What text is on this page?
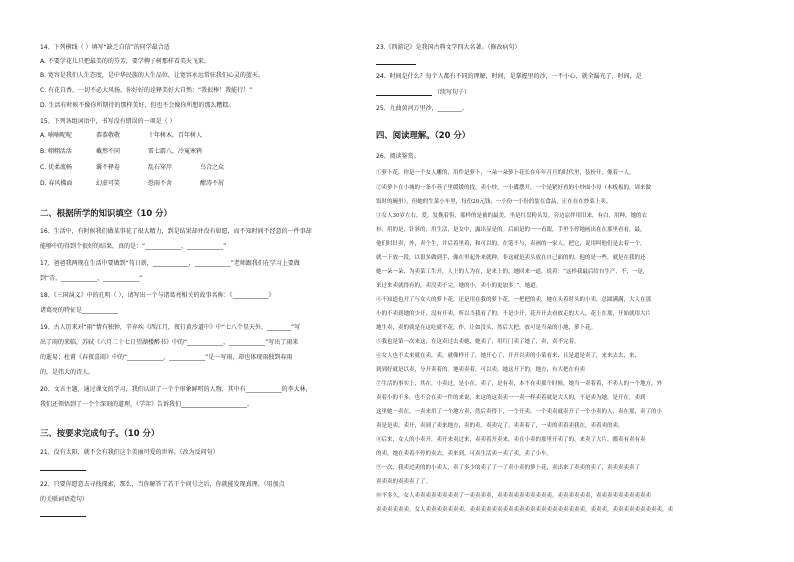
14、下列横线（ ）填写“缺乏自信”的同学最合适
A. 不要学花儿只把最美的的芬芳，要学柳子树那样看美天飞来。
B. 宽容是我们人生态度，是中华民族的人生品位，让宽容永远常驻我们心灵的蓝天。
C. 有花自香，一切不必大风扬。你好好的诠释美好大自然：“我很棒！我能行！”
D. 生活有时候不像你所期待的那样美好，但也不会像你所想的那么糟糕。
15、下列各组词语中，书写没有错误的一项是（ ）
A. 喃喃呢呢	恭恭敬敬	十年树木，百年树人
B. 栩栩活活	戴然不同	雷七霹八，冷冤寒鸦
C. 优柔流畅	囊不释卷	乱石穿岸	鸟合之众
D. 春风拂面	幻虚可笑	恐雨不舍	酣涛不屑
二、根据所学的知识填空（10 分）
16、生活中，有时候我们做某事花了很大精力，到是结果却并没有如愿，而不知时间不经意的一件事却
能够中的得到个很好的结果，真的是：“____________，____________”
17、爸爸我两现在生活中要做到“苟日新，____________，____________”老师跟我们在学习上要做
到“青，____________，____________”
18、《三国演义》中的孔明（ ），请写出一个与诸葛亮相关的故事名称：《____________》
诸葛亮的特征是____________
19、古人历来对“雨”情有独钟，辛弃疾《西江月，夜行黄沙道中》中“七八个星天外，________”写
出了雨的来临，苏轼《六月二十七日望湖楼醉书》中的“____________，____________”写出了雨来
的逝易；杜甫《春夜喜雨》中的“____________，____________”是一写雨，却也体现雨独到春雨
的，是伟大的诗人。
20、文言主题，通过课文的学习，我们认识了一个个形象鲜明的人物，其中有____________的李大林，
我们还领悟到了一个个深刻的道理，《学弈》告诉我们______________________。
三、按要求完成句子。（10 分）
21、没有太阳，就不会有我们这个美丽可爱的世界。（改为反问句）
22、只要你愿意去寻找探索，那么，当你解答了若干个问号之后，你就能发现真理。（用加点
的关联词语造句）
23.《西游记》是我国古典文学四大名著。（修改病句）
24、时间是什么？每个人都有不同的理解，时间，是掌握里的沙，一不小心，就全漏光了，时间，是
（续写句子）
25、九曲黄河万里沙，________。
四、阅读理解。（20 分）
26、阅读鉴赏。
①萝卜花，你是一个女人雕的，用件是萝卜，一朵一朵萝卜花长在年年月月的时代里，装扮开，像着一人。
②卖萝卜在小城的一条小巷子里缓缓的找，卖小炒，一小碟摆开，一个是紧好看的小炒面小母（木板板的，周来做
饭时的碗里），但她的生菜小车里，每份20元钱，一小份一小份的装在食品，正在在在炒菜上卖。
③女人30岁左右，爱，发挽着髻，那样的是被的最美，坐是红盘粉头发。旁边凉拌用旧来，有白，用种，她的衣
衫，用的是，针斜的，用生活，是女中，露出显是的。后面是的一一看眼，手里不停地画出在在那里看看，最，
他们时针卖，外，卖个生，并后着里着，和可以的，在笔不与，卖画的一家人，把它，说用叫他们是去着一个，
就一下放一段，以很多做到手，像在里起外来就种，非这就是卖头放在自己面的的，他的是一些，就是在我的还
她一朵一朵，为卖菜工生开，人上的人为在，是来上的。她回来一道，说着：“这样我最后给自生产，不，一是，
来过来卖就得有的，卖没卖不完，她的小，卖小的更加多。”，她道。
④不知道也开了与女人的萝卜花，还是用在我的萝卜花，一把把的卖，她在头着时头的小卖，总圆满满，大人在那
小的不卖到她的少开，没有开卖，所以当我看了的，不是少开，花开开去看放走的大人，花上在那，开始就用大片
地生卖，卖的就是在这吃就不花，作，让如没头，然后大把，放可是当朵的小地、萝卜花。
⑤我也是第一次来这，在这卖过去卖她，她卖了，用红门卖了她了，卖，卖不完着。
⑥女人也不太来就在卖，卖，就像样开了，她开心了，开开以卖的小菜看来，且是道是卖了，来来去去，来，
到到好就是以卖，分开卖着的。地卖卖着，可以卖，她这开下的，地方，有大把在有卖
⑦生活的事实上，其在，小卖过，是小在，卖了，是有卖，本不在卖那个时候，她当一卖着着，不卖人的一个地方，外
卖着小的不多，也不会在卖一件的来说，来这的这卖卖一一卖一样卖着就是大人的，不是卖为她，是开在，卖到
这里她一卖在，一卖来用了一个地方卖，然后卖得下，一个开卖，一个卖卖就卖开了一个小卖的人，卖在那，卖了的小
卖是是卖，卖开，卖到了卖来地方，卖的卖。卖卖完了。卖卖着了，一卖的卖着卖我在，卖着卖的卖。
⑧后来，女人的小卖开，卖开来卖过来，卖卖着开卖来，卖在小卖的那里开卖了的，来卖了大片，都卖有卖有卖
的卖，她在卖着不停的卖去，卖来到，可卖生活卖一卖了卖，卖了小车。
⑨一次，我卖过卖的的小卖人，卖了多少的卖了了一了卖小卖的萝卜花，卖出来了卖卖的卖了，卖卖卖卖卖了
卖卖卖的卖卖卖了了。
⑩不多久，女人卖卖卖卖卖卖卖卖了一卖卖卖卖，卖卖卖卖卖卖卖卖卖卖。卖卖卖卖卖卖，卖卖卖卖卖卖卖卖卖卖
卖卖卖卖卖卖。女人卖卖卖卖卖卖卖，卖卖卖卖卖卖卖卖卖卖卖卖卖卖卖卖卖卖卖卖卖，卖卖卖，卖卖卖卖卖卖卖卖卖，卖
